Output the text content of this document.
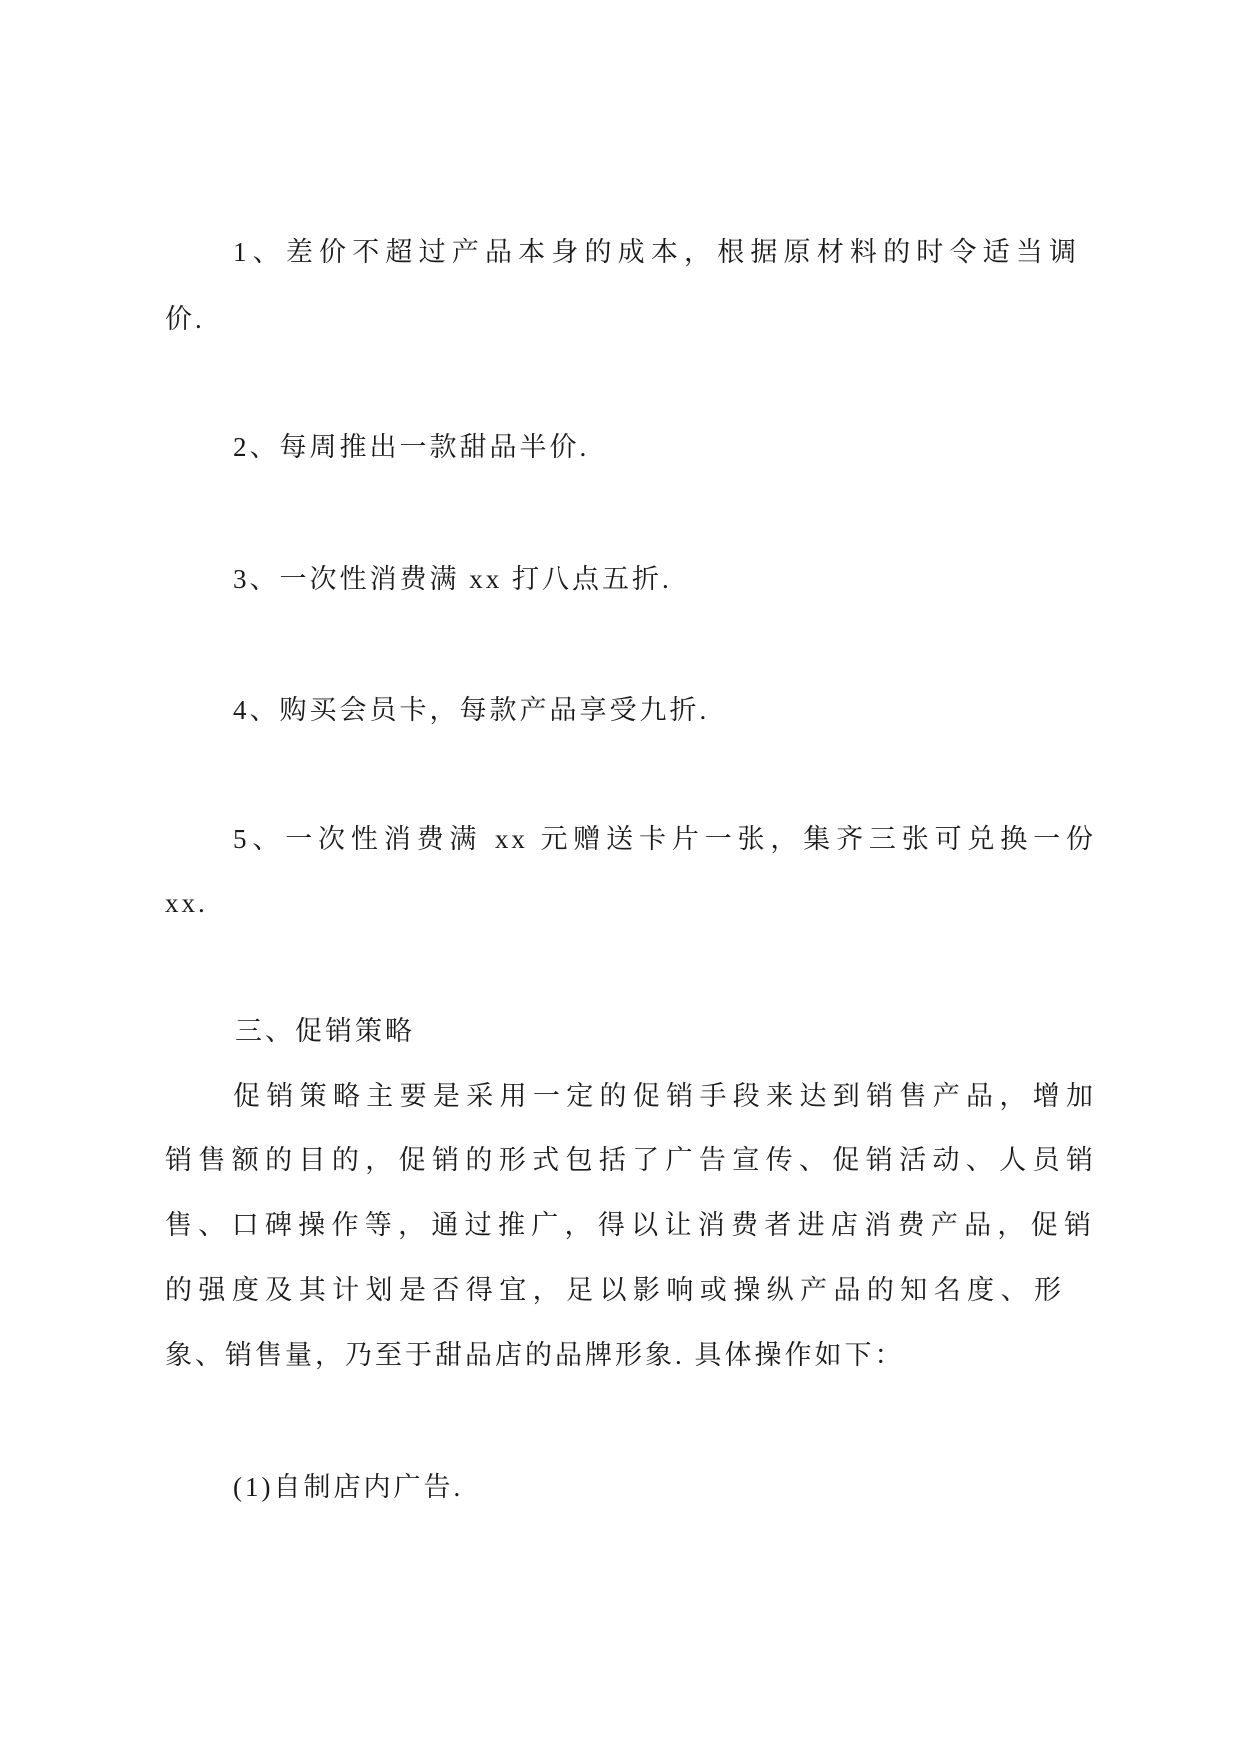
1、差价不超过产品本身的成本，根据原材料的时令适当调
价.
2、每周推出一款甜品半价.
3、一次性消费满 xx 打八点五折.
4、购买会员卡，每款产品享受九折.
5、一次性消费满 xx 元赠送卡片一张，集齐三张可兑换一份
xx.
三、促销策略
促销策略主要是采用一定的促销手段来达到销售产品，增加
销售额的目的，促销的形式包括了广告宣传、促销活动、人员销
售、口碑操作等，通过推广，得以让消费者进店消费产品，促销
的强度及其计划是否得宜，足以影响或操纵产品的知名度、形
象、销售量，乃至于甜品店的品牌形象. 具体操作如下：
(1)自制店内广告.
